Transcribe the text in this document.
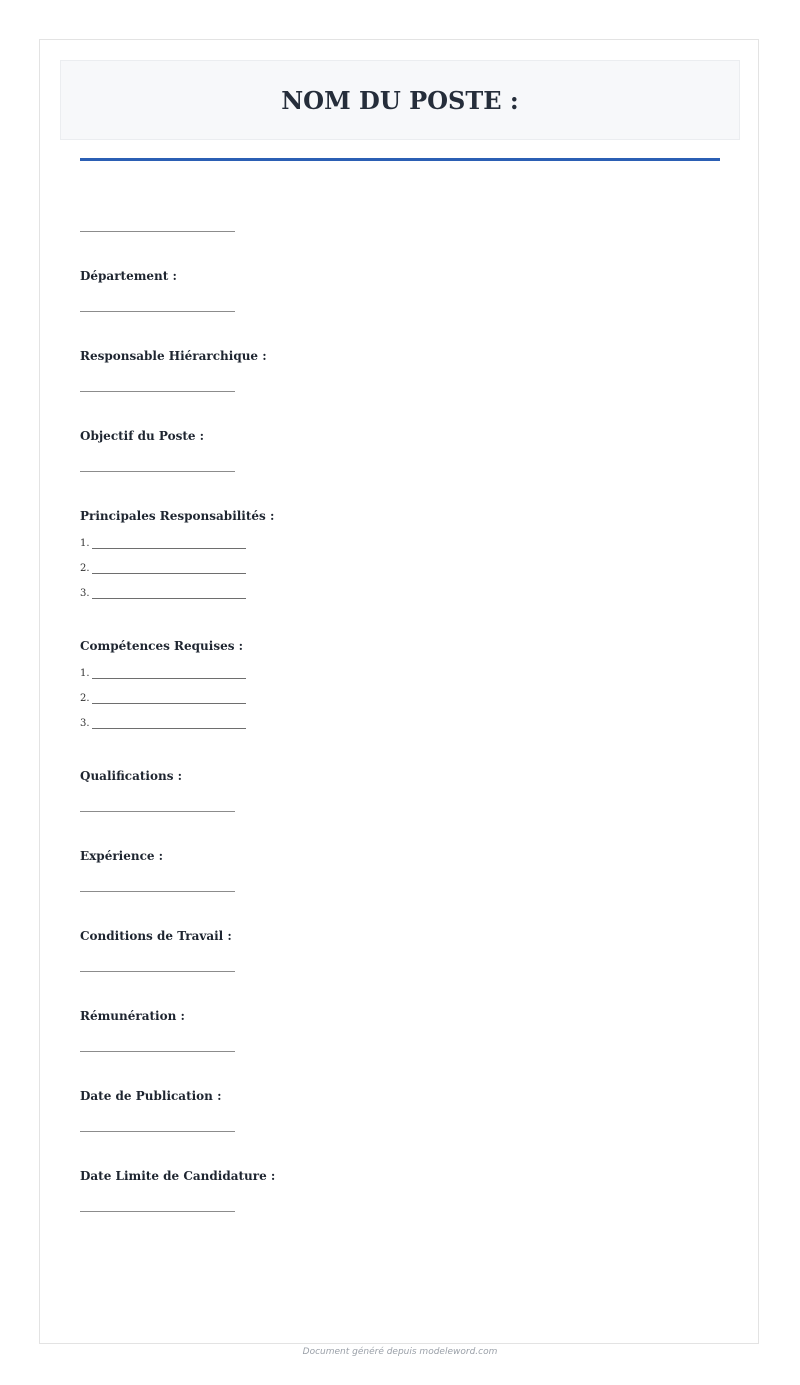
NOM DU POSTE :

Département :

Responsable Hiérarchique :

Objectif du Poste :

Principales Responsabilités :

1.
2.
3.

Compétences Requises :

1.
2.
3.

Qualifications :

Expérience :

Conditions de Travail :

Rémunération :

Date de Publication :

Date Limite de Candidature :

Document généré depuis modeleword.com
